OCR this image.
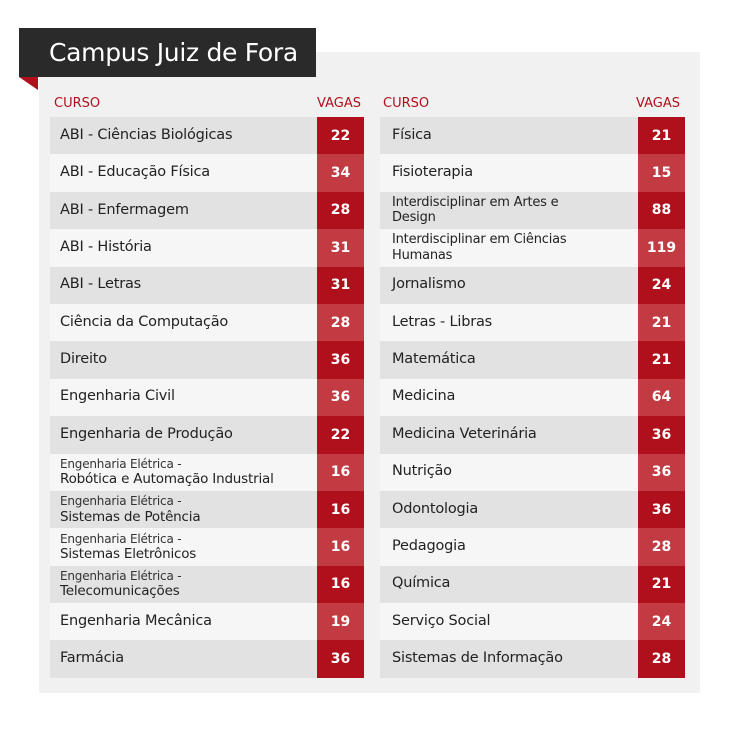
Campus Juiz de Fora
CURSO	VAGAS
ABI - Ciências Biológicas	22
ABI - Educação Física	34
ABI - Enfermagem	28
ABI - História	31
ABI - Letras	31
Ciência da Computação	28
Direito	36
Engenharia Civil	36
Engenharia de Produção	22
Engenharia Elétrica -
Robótica e Automação Industrial	16
Engenharia Elétrica -
Sistemas de Potência	16
Engenharia Elétrica -
Sistemas Eletrônicos	16
Engenharia Elétrica -
Telecomunicações	16
Engenharia Mecânica	19
Farmácia	36
CURSO	VAGAS
Física	21
Fisioterapia	15
Interdisciplinar em Artes e
Design	88
Interdisciplinar em Ciências
Humanas	119
Jornalismo	24
Letras - Libras	21
Matemática	21
Medicina	64
Medicina Veterinária	36
Nutrição	36
Odontologia	36
Pedagogia	28
Química	21
Serviço Social	24
Sistemas de Informação	28
